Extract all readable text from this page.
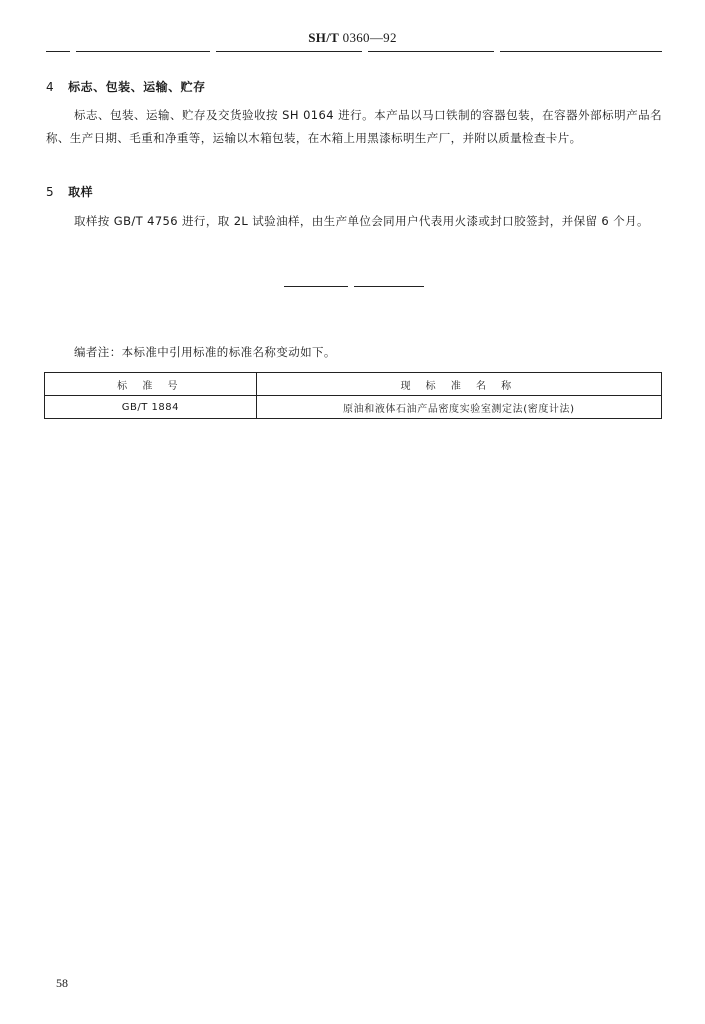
SH/T 0360—92
4 标志、包装、运输、贮存
标志、包装、运输、贮存及交货验收按 SH 0164 进行。本产品以马口铁制的容器包装，在容器外部标明产品名称、生产日期、毛重和净重等，运输以木箱包装，在木箱上用黑漆标明生产厂，并附以质量检查卡片。
5 取样
取样按 GB/T 4756 进行，取 2L 试验油样，由生产单位会同用户代表用火漆或封口胶签封，并保留 6 个月。
编者注：本标准中引用标准的标准名称变动如下。
标 准 号	现 标 准 名 称
GB/T 1884	原油和液体石油产品密度实验室测定法(密度计法)
58
